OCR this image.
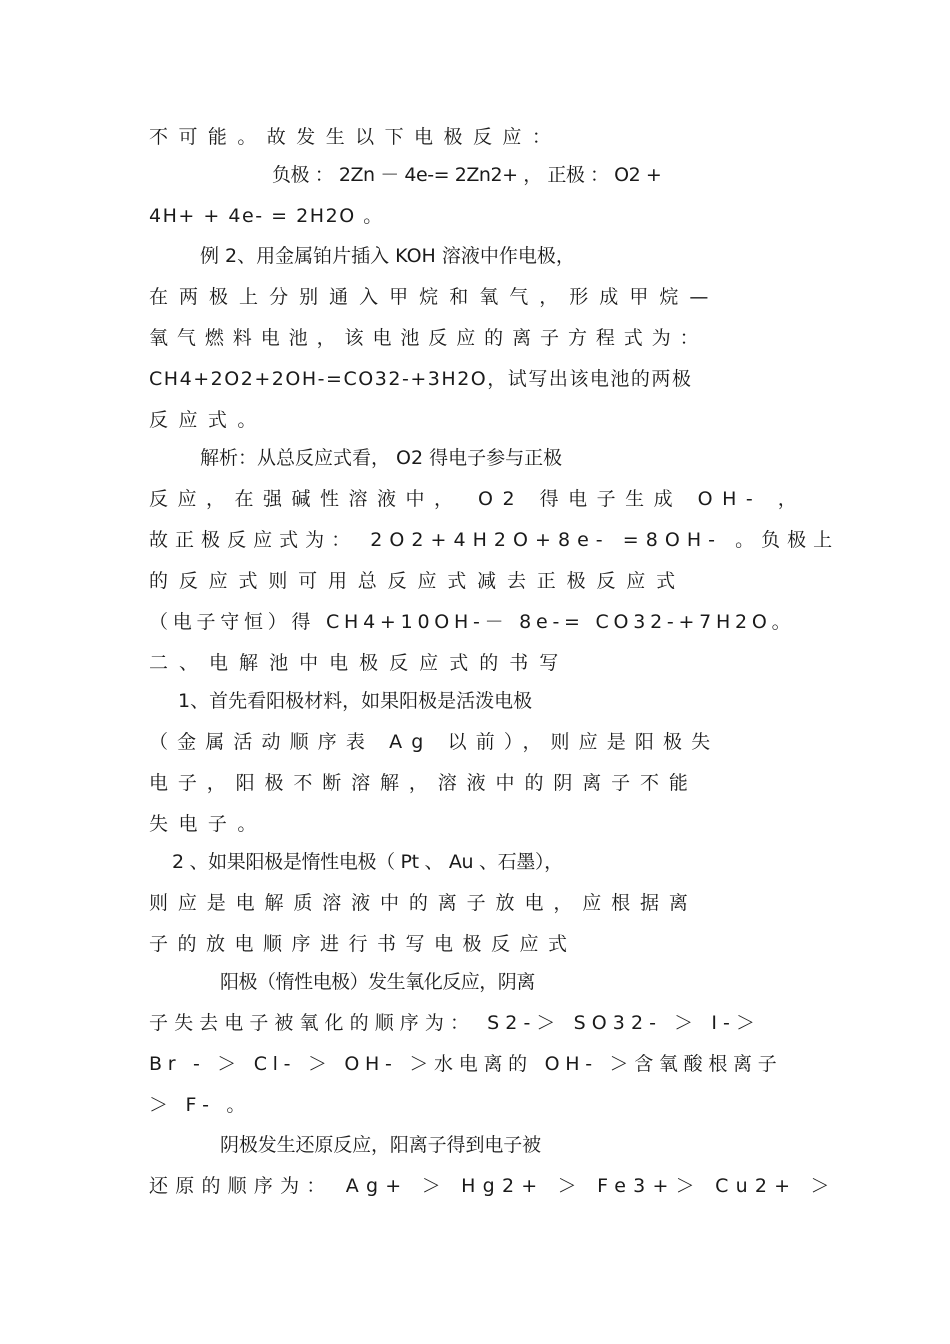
不可能。故发生以下电极反应：
负极 ： 2Zn － 4e-= 2Zn2+ ， 正极 ： O2 +
4H+ + 4e- = 2H2O 。
例 2、用金属铂片插入 KOH 溶液中作电极，
在两极上分别通入甲烷和氧气，形成甲烷—
氧气燃料电池，该电池反应的离子方程式为：
CH4+2O2+2OH-=CO32-+3H2O，试写出该电池的两极
反应式。
解析：从总反应式看， O2 得电子参与正极
反应，在强碱性溶液中， O2 得电子生成 OH- ，
故正极反应式为： 2O2+4H2O+8e- =8OH- 。负极上
的反应式则可用总反应式减去正极反应式
（电子守恒）得 CH4+10OH-－ 8e-= CO32-+7H2O。
二、电解池中电极反应式的书写
1、首先看阳极材料，如果阳极是活泼电极
（金属活动顺序表 Ag 以前），则应是阳极失
电子，阳极不断溶解，溶液中的阴离子不能
失电子。
2 、如果阳极是惰性电极（ Pt 、 Au 、石墨），
则应是电解质溶液中的离子放电，应根据离
子的放电顺序进行书写电极反应式
阳极（惰性电极）发生氧化反应，阴离
子失去电子被氧化的顺序为： S2-＞ SO32- ＞ I-＞
Br - ＞ Cl- ＞ OH- ＞水电离的 OH- ＞含氧酸根离子
＞ F- 。
阴极发生还原反应，阳离子得到电子被
还原的顺序为： Ag+ ＞ Hg2+ ＞ Fe3+＞ Cu2+ ＞
